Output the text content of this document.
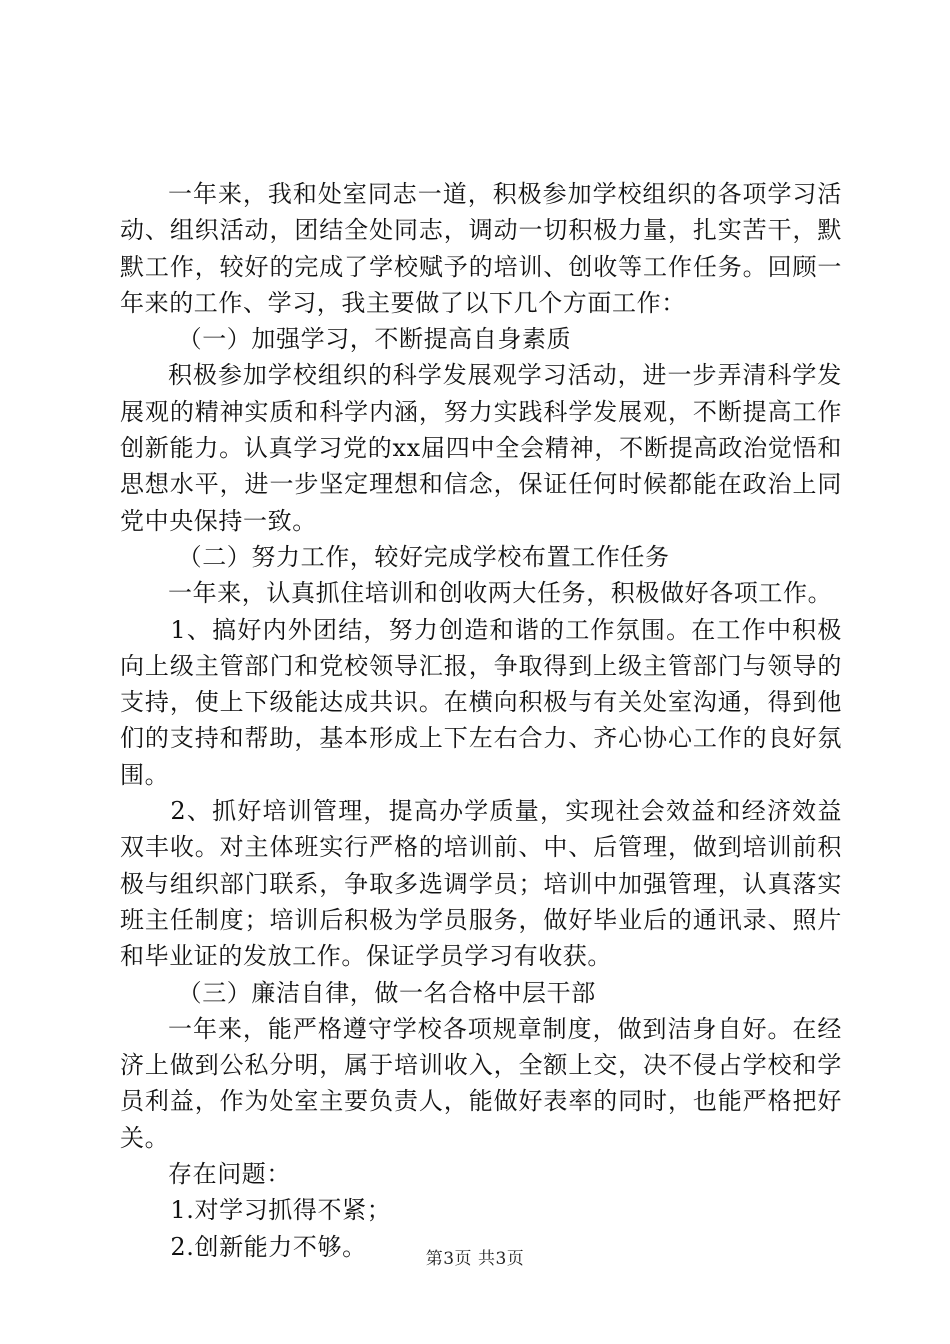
一年来，我和处室同志一道，积极参加学校组织的各项学习活动、组织活动，团结全处同志，调动一切积极力量，扎实苦干，默默工作，较好的完成了学校赋予的培训、创收等工作任务。回顾一年来的工作、学习，我主要做了以下几个方面工作：

（一）加强学习，不断提高自身素质

积极参加学校组织的科学发展观学习活动，进一步弄清科学发展观的精神实质和科学内涵，努力实践科学发展观，不断提高工作创新能力。认真学习党的xx届四中全会精神，不断提高政治觉悟和思想水平，进一步坚定理想和信念，保证任何时候都能在政治上同党中央保持一致。

（二）努力工作，较好完成学校布置工作任务

一年来，认真抓住培训和创收两大任务，积极做好各项工作。

1、搞好内外团结，努力创造和谐的工作氛围。在工作中积极向上级主管部门和党校领导汇报，争取得到上级主管部门与领导的支持，使上下级能达成共识。在横向积极与有关处室沟通，得到他们的支持和帮助，基本形成上下左右合力、齐心协心工作的良好氛围。

2、抓好培训管理，提高办学质量，实现社会效益和经济效益双丰收。对主体班实行严格的培训前、中、后管理，做到培训前积极与组织部门联系，争取多选调学员；培训中加强管理，认真落实班主任制度；培训后积极为学员服务，做好毕业后的通讯录、照片和毕业证的发放工作。保证学员学习有收获。

（三）廉洁自律，做一名合格中层干部

一年来，能严格遵守学校各项规章制度，做到洁身自好。在经济上做到公私分明，属于培训收入，全额上交，决不侵占学校和学员利益，作为处室主要负责人，能做好表率的同时，也能严格把好关。

存在问题：

1.对学习抓得不紧；

2.创新能力不够。	第3页 共3页
